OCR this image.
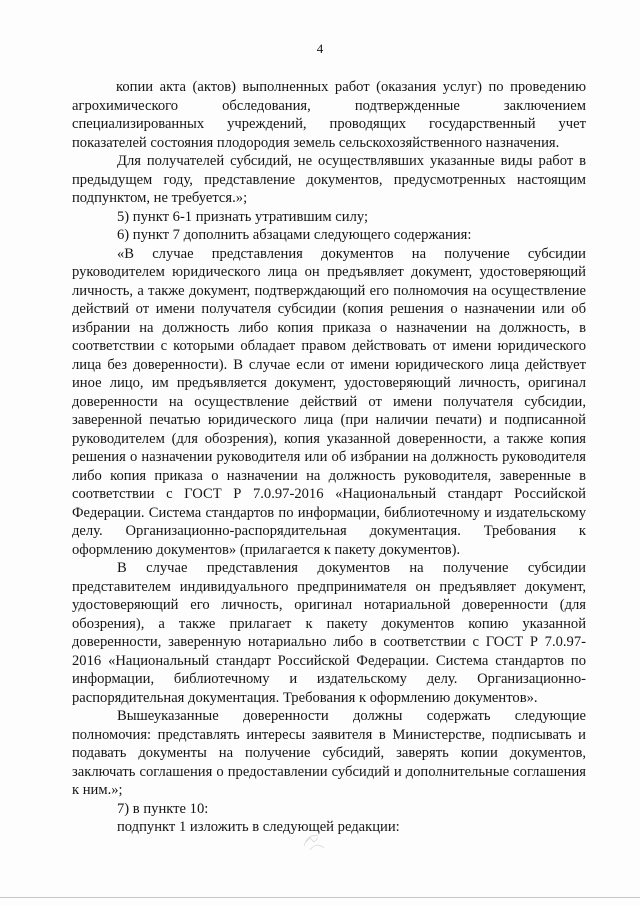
4

копии акта (актов) выполненных работ (оказания услуг) по проведению агрохимического обследования, подтвержденные заключением специализированных учреждений, проводящих государственный учет показателей состояния плодородия земель сельскохозяйственного назначения.

Для получателей субсидий, не осуществлявших указанные виды работ в предыдущем году, представление документов, предусмотренных настоящим подпунктом, не требуется.»;

5) пункт 6-1 признать утратившим силу;

6) пункт 7 дополнить абзацами следующего содержания:

«В случае представления документов на получение субсидии руководителем юридического лица он предъявляет документ, удостоверяющий личность, а также документ, подтверждающий его полномочия на осуществление действий от имени получателя субсидии (копия решения о назначении или об избрании на должность либо копия приказа о назначении на должность, в соответствии с которыми обладает правом действовать от имени юридического лица без доверенности). В случае если от имени юридического лица действует иное лицо, им предъявляется документ, удостоверяющий личность, оригинал доверенности на осуществление действий от имени получателя субсидии, заверенной печатью юридического лица (при наличии печати) и подписанной руководителем (для обозрения), копия указанной доверенности, а также копия решения о назначении руководителя или об избрании на должность руководителя либо копия приказа о назначении на должность руководителя, заверенные в соответствии с ГОСТ Р 7.0.97-2016 «Национальный стандарт Российской Федерации. Система стандартов по информации, библиотечному и издательскому делу. Организационно-распорядительная документация. Требования к оформлению документов» (прилагается к пакету документов).

В случае представления документов на получение субсидии представителем индивидуального предпринимателя он предъявляет документ, удостоверяющий его личность, оригинал нотариальной доверенности (для обозрения), а также прилагает к пакету документов копию указанной доверенности, заверенную нотариально либо в соответствии с ГОСТ Р 7.0.97-2016 «Национальный стандарт Российской Федерации. Система стандартов по информации, библиотечному и издательскому делу. Организационно-распорядительная документация. Требования к оформлению документов».

Вышеуказанные доверенности должны содержать следующие полномочия: представлять интересы заявителя в Министерстве, подписывать и подавать документы на получение субсидий, заверять копии документов, заключать соглашения о предоставлении субсидий и дополнительные соглашения к ним.»;

7) в пункте 10:

подпункт 1 изложить в следующей редакции:
